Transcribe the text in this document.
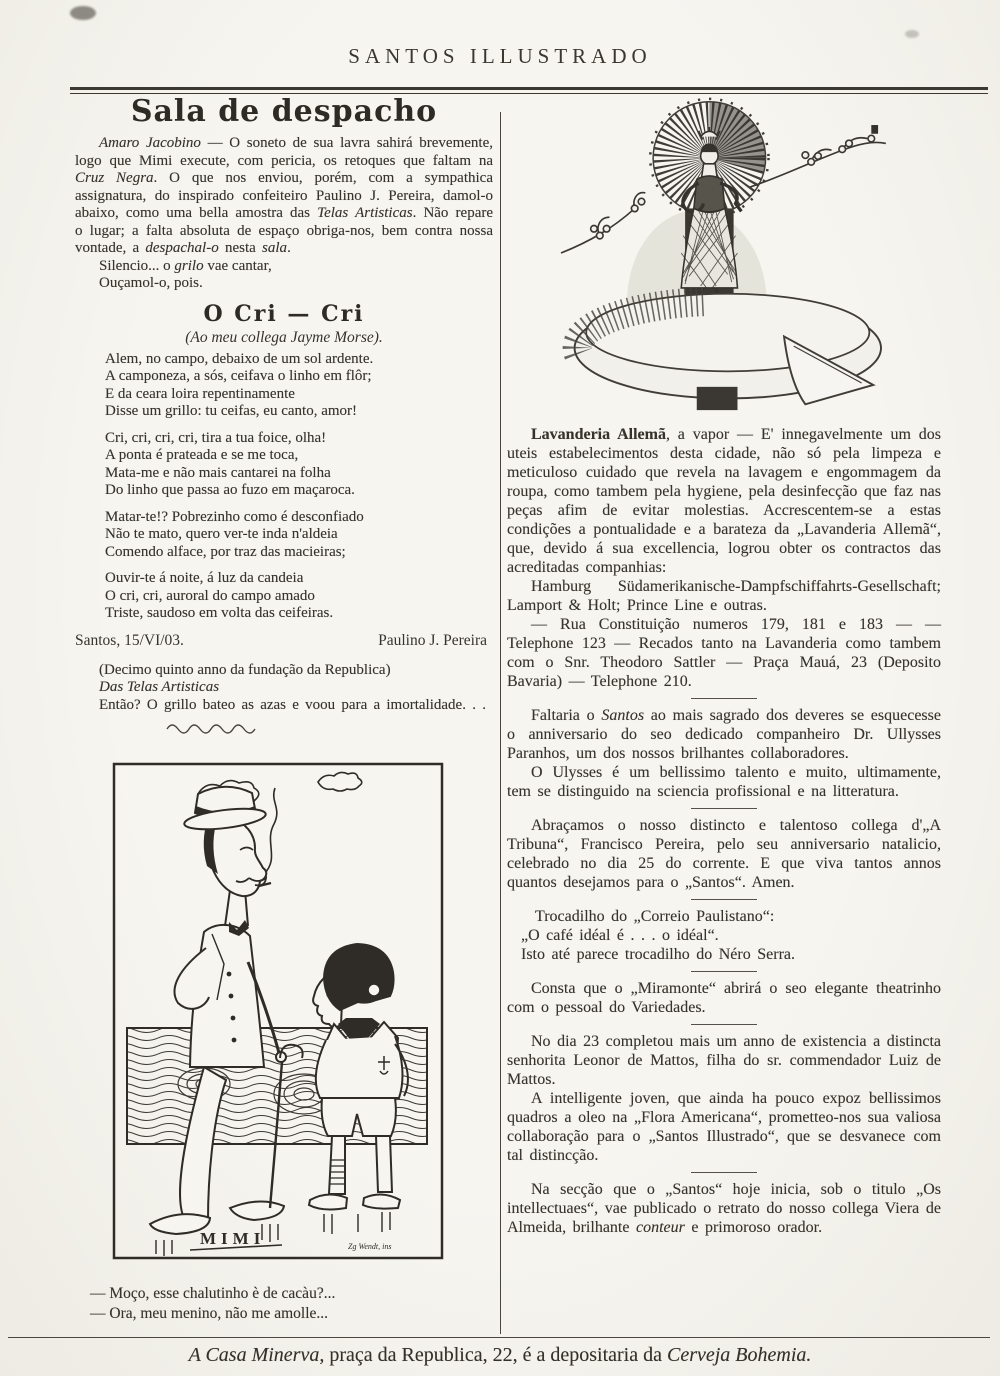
SANTOS ILLUSTRADO
Sala de despacho

Amaro Jacobino — O soneto de sua lavra sahirá brevemente, logo que Mimi execute, com pericia, os retoques que faltam na Cruz Negra. O que nos enviou, porém, com a sympathica assignatura, do inspirado confeiteiro Paulino J. Pereira, damol-o abaixo, como uma bella amostra das Telas Artisticas. Não repare o lugar; a falta absoluta de espaço obriga-nos, bem contra nossa vontade, a despachal-o nesta sala.

Silencio... o grilo vae cantar,

Ouçamol-o, pois.

O Cri — Cri

(Ao meu collega Jayme Morse).

Alem, no campo, debaixo de um sol ardente.
A camponeza, a sós, ceifava o linho em flôr;
E da ceara loira repentinamente
Disse um grillo: tu ceifas, eu canto, amor!
Cri, cri, cri, cri, tira a tua foice, olha!
A ponta é prateada e se me toca,
Mata-me e não mais cantarei na folha
Do linho que passa ao fuzo em maçaroca.
Matar-te!? Pobrezinho como é desconfiado
Não te mato, quero ver-te inda n'aldeia
Comendo alface, por traz das macieiras;
Ouvir-te á noite, á luz da candeia
O cri, cri, auroral do campo amado
Triste, saudoso em volta das ceifeiras.
Santos, 15/VI/03.	Paulino J. Pereira

(Decimo quinto anno da fundação da Republica)

Das Telas Artisticas

Então? O grillo bateo as azas e voou para a imortalidade. . .

MIMI	Zg Wendt, ins
— Moço, esse chalutinho è de cacàu?...
— Ora, meu menino, não me amolle...

Lavanderia Allemã, a vapor — E' innegavelmente um dos uteis estabelecimentos desta cidade, não só pela limpeza e meticuloso cuidado que revela na lavagem e engommagem da roupa, como tambem pela hygiene, pela desinfecção que faz nas peças afim de evitar molestias. Accrescentem-se a estas condições a pontualidade e a barateza da „Lavanderia Allemã“, que, devido á sua excellencia, logrou obter os contractos das acreditadas companhias:

Hamburg Südamerikanische-Dampfschiffahrts-Gesellschaft; Lamport & Holt; Prince Line e outras.

— Rua Constituição numeros 179, 181 e 183 — — Telephone 123 — Recados tanto na Lavanderia como tambem com o Snr. Theodoro Sattler — Praça Mauá, 23 (Deposito Bavaria) — Telephone 210.

Faltaria o Santos ao mais sagrado dos deveres se esquecesse o anniversario do seo dedicado companheiro Dr. Ullysses Paranhos, um dos nossos brilhantes collaboradores.

O Ulysses é um bellissimo talento e muito, ultimamente, tem se distinguido na sciencia profissional e na litteratura.

Abraçamos o nosso distincto e talentoso collega d'„A Tribuna“, Francisco Pereira, pelo seu anniversario natalicio, celebrado no dia 25 do corrente. E que viva tantos annos quantos desejamos para o „Santos“. Amen.

Trocadilho do „Correio Paulistano“:

„O café idéal é . . . o idéal“.

Isto até parece trocadilho do Néro Serra.

Consta que o „Miramonte“ abrirá o seo elegante theatrinho com o pessoal do Variedades.

No dia 23 completou mais um anno de existencia a distincta senhorita Leonor de Mattos, filha do sr. commendador Luiz de Mattos.

A intelligente joven, que ainda ha pouco expoz bellissimos quadros a oleo na „Flora Americana“, prometteo-nos sua valiosa collaboração para o „Santos Illustrado“, que se desvanece com tal distincção.

Na secção que o „Santos“ hoje inicia, sob o titulo „Os intellectuaes“, vae publicado o retrato do nosso collega Viera de Almeida, brilhante conteur e primoroso orador.

A Casa Minerva, praça da Republica, 22, é a depositaria da Cerveja Bohemia.
